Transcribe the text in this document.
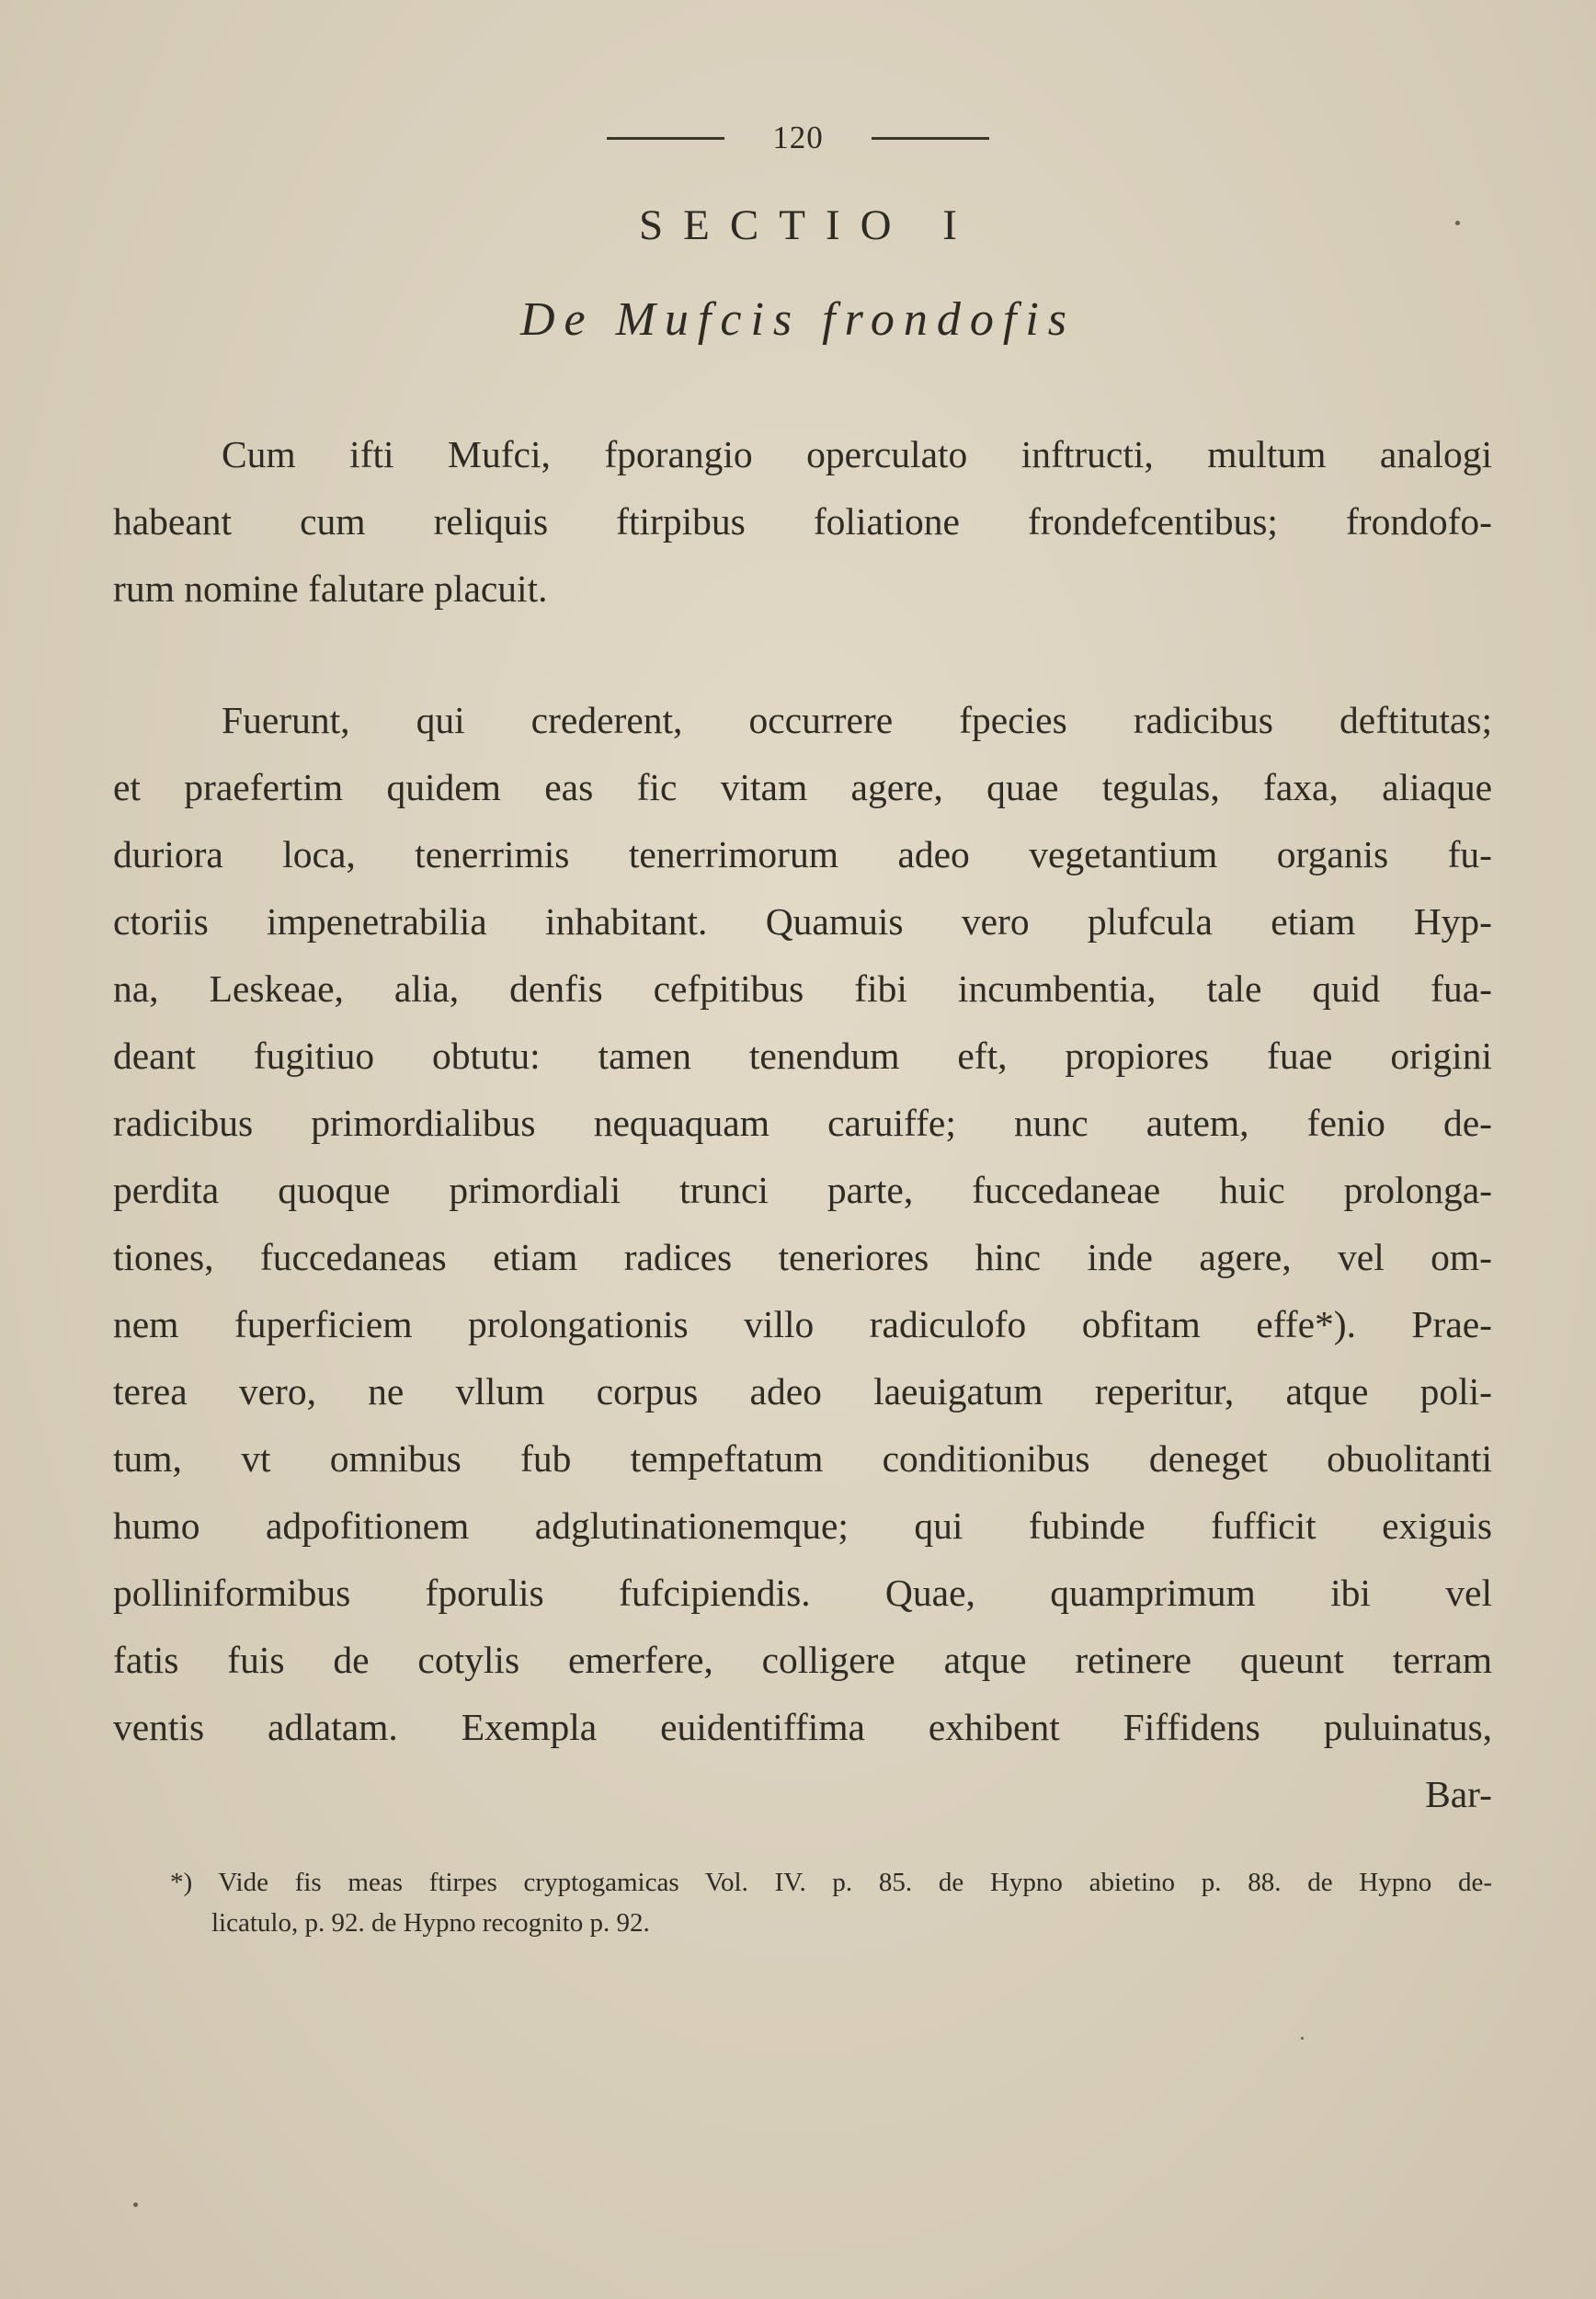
120
SECTIO I
De Mufcis frondofis
Cum ifti Mufci, fporangio operculato inftructi, multum analogi
habeant cum reliquis ftirpibus foliatione frondefcentibus; frondofo-
rum nomine falutare placuit.
Fuerunt, qui crederent, occurrere fpecies radicibus deftitutas;
et praefertim quidem eas fic vitam agere, quae tegulas, faxa, aliaque
duriora loca, tenerrimis tenerrimorum adeo vegetantium organis fu-
ctoriis impenetrabilia inhabitant. Quamuis vero plufcula etiam Hyp-
na, Leskeae, alia, denfis cefpitibus fibi incumbentia, tale quid fua-
deant fugitiuo obtutu: tamen tenendum eft, propiores fuae origini
radicibus primordialibus nequaquam caruiffe; nunc autem, fenio de-
perdita quoque primordiali trunci parte, fuccedaneae huic prolonga-
tiones, fuccedaneas etiam radices teneriores hinc inde agere, vel om-
nem fuperficiem prolongationis villo radiculofo obfitam effe*). Prae-
terea vero, ne vllum corpus adeo laeuigatum reperitur, atque poli-
tum, vt omnibus fub tempeftatum conditionibus deneget obuolitanti
humo adpofitionem adglutinationemque; qui fubinde fufficit exiguis
polliniformibus fporulis fufcipiendis. Quae, quamprimum ibi vel
fatis fuis de cotylis emerfere, colligere atque retinere queunt terram
ventis adlatam. Exempla euidentiffima exhibent Fiffidens puluinatus,
Bar-
*) Vide fis meas ftirpes cryptogamicas Vol. IV. p. 85. de Hypno abietino p. 88. de Hypno de-
licatulo, p. 92. de Hypno recognito p. 92.
